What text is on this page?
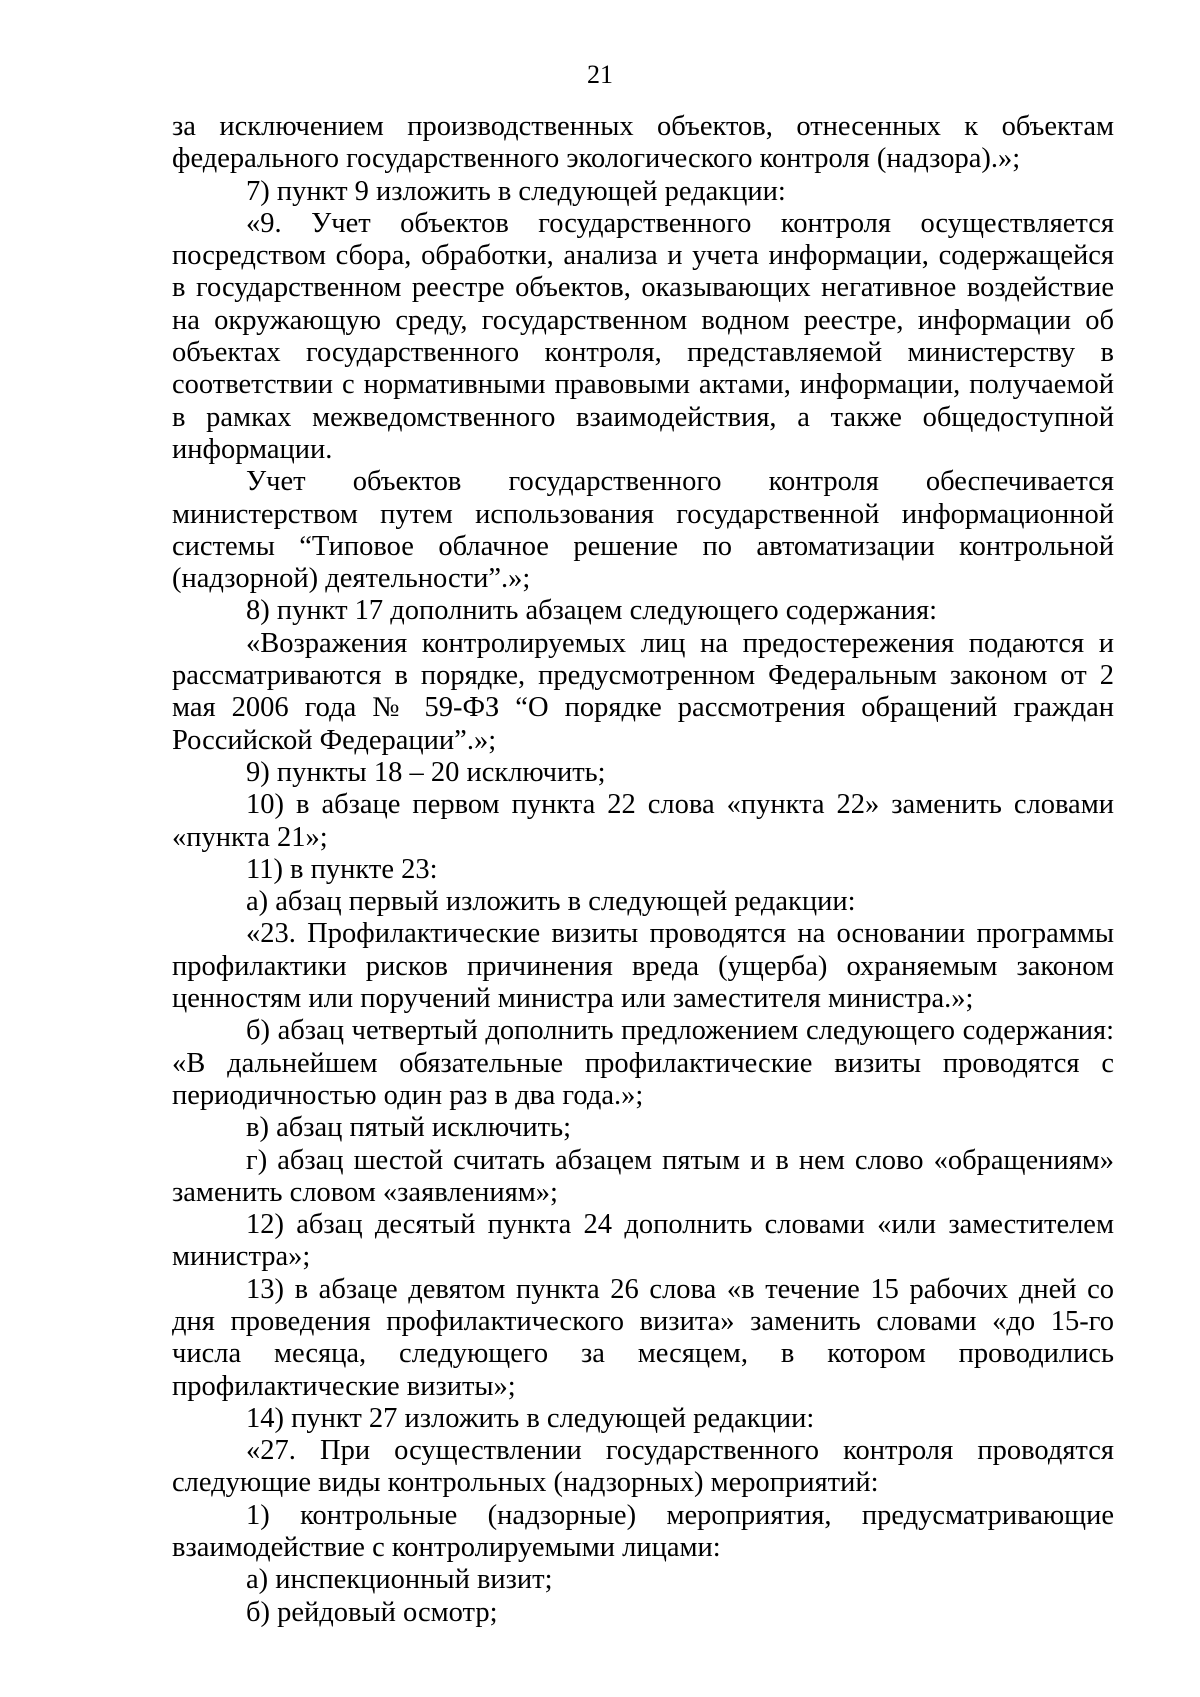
21

за исключением производственных объектов, отнесенных к объектам федерального государственного экологического контроля (надзора).»;

7) пункт 9 изложить в следующей редакции:

«9. Учет объектов государственного контроля осуществляется посредством сбора, обработки, анализа и учета информации, содержащейся в государственном реестре объектов, оказывающих негативное воздействие на окружающую среду, государственном водном реестре, информации об объектах государственного контроля, представляемой министерству в соответствии с нормативными правовыми актами, информации, получаемой в рамках межведомственного взаимодействия, а также общедоступной информации.

Учет объектов государственного контроля обеспечивается министерством путем использования государственной информационной системы “Типовое облачное решение по автоматизации контрольной (надзорной) деятельности”.»;

8) пункт 17 дополнить абзацем следующего содержания:

«Возражения контролируемых лиц на предостережения подаются и рассматриваются в порядке, предусмотренном Федеральным законом от 2 мая 2006 года № 59-ФЗ “О порядке рассмотрения обращений граждан Российской Федерации”.»;

9) пункты 18 – 20 исключить;

10) в абзаце первом пункта 22 слова «пункта 22» заменить словами «пункта 21»;

11) в пункте 23:

а) абзац первый изложить в следующей редакции:

«23. Профилактические визиты проводятся на основании программы профилактики рисков причинения вреда (ущерба) охраняемым законом ценностям или поручений министра или заместителя министра.»;

б) абзац четвертый дополнить предложением следующего содержания: «В дальнейшем обязательные профилактические визиты проводятся с периодичностью один раз в два года.»;

в) абзац пятый исключить;

г) абзац шестой считать абзацем пятым и в нем слово «обращениям» заменить словом «заявлениям»;

12) абзац десятый пункта 24 дополнить словами «или заместителем министра»;

13) в абзаце девятом пункта 26 слова «в течение 15 рабочих дней со дня проведения профилактического визита» заменить словами «до 15-го числа месяца, следующего за месяцем, в котором проводились профилактические визиты»;

14) пункт 27 изложить в следующей редакции:

«27. При осуществлении государственного контроля проводятся следующие виды контрольных (надзорных) мероприятий:

1) контрольные (надзорные) мероприятия, предусматривающие взаимодействие с контролируемыми лицами:

а) инспекционный визит;

б) рейдовый осмотр;
